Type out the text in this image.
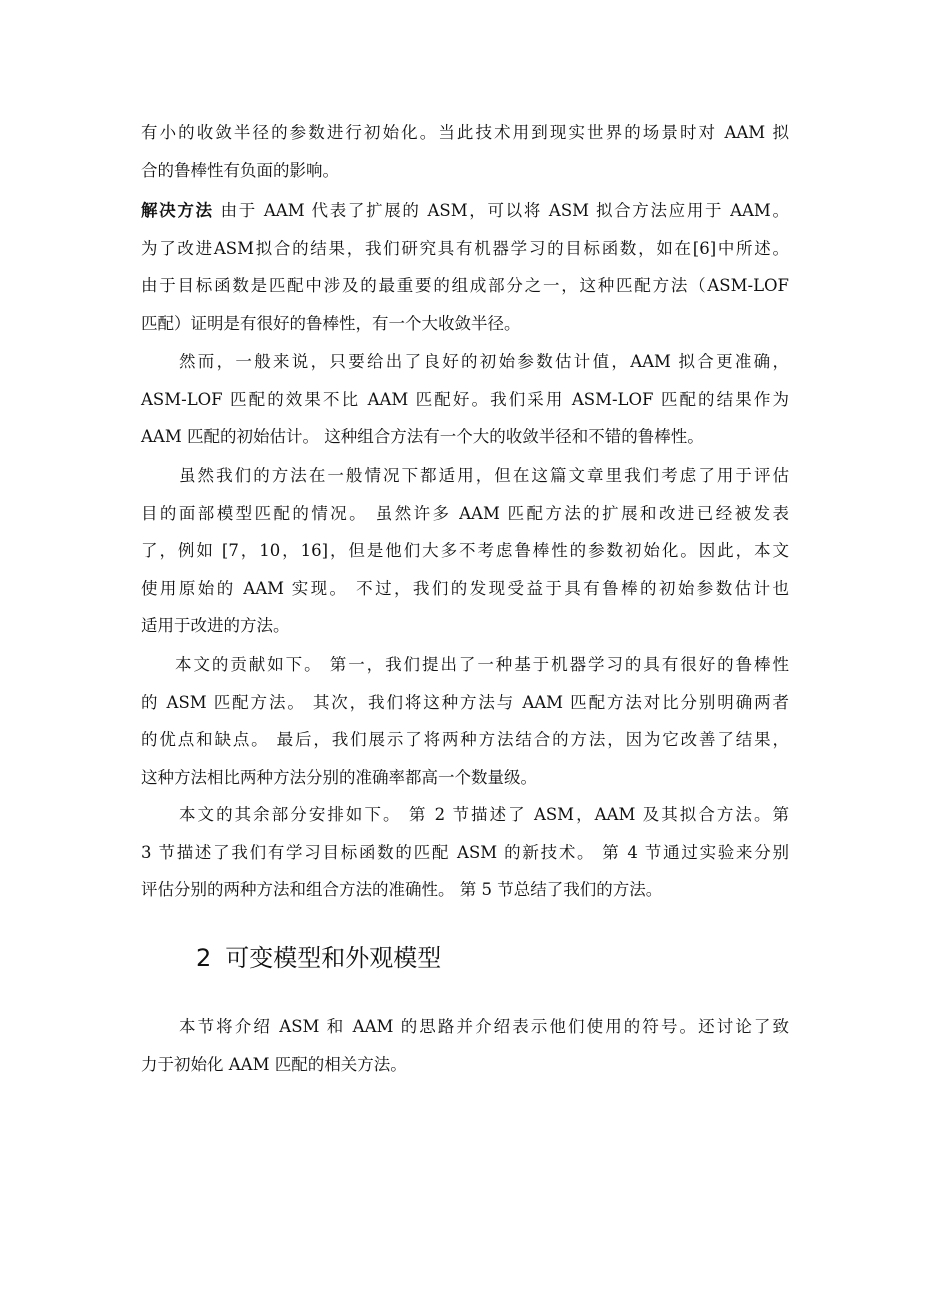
有小的收敛半径的参数进行初始化。当此技术用到现实世界的场景时对 AAM 拟
合的鲁棒性有负面的影响。
解决方法 由于 AAM 代表了扩展的 ASM，可以将 ASM 拟合方法应用于 AAM。
为了改进ASM拟合的结果，我们研究具有机器学习的目标函数，如在[6]中所述。
由于目标函数是匹配中涉及的最重要的组成部分之一，这种匹配方法（ASM-LOF
匹配）证明是有很好的鲁棒性，有一个大收敛半径。
然而，一般来说，只要给出了良好的初始参数估计值，AAM 拟合更准确，
ASM-LOF 匹配的效果不比 AAM 匹配好。我们采用 ASM-LOF 匹配的结果作为
AAM 匹配的初始估计。 这种组合方法有一个大的收敛半径和不错的鲁棒性。
虽然我们的方法在一般情况下都适用，但在这篇文章里我们考虑了用于评估
目的面部模型匹配的情况。 虽然许多 AAM 匹配方法的扩展和改进已经被发表
了，例如 [7，10，16]，但是他们大多不考虑鲁棒性的参数初始化。因此，本文
使用原始的 AAM 实现。 不过，我们的发现受益于具有鲁棒的初始参数估计也
适用于改进的方法。
本文的贡献如下。 第一，我们提出了一种基于机器学习的具有很好的鲁棒性
的 ASM 匹配方法。 其次，我们将这种方法与 AAM 匹配方法对比分别明确两者
的优点和缺点。 最后，我们展示了将两种方法结合的方法，因为它改善了结果，
这种方法相比两种方法分别的准确率都高一个数量级。
本文的其余部分安排如下。 第 2 节描述了 ASM，AAM 及其拟合方法。第
3 节描述了我们有学习目标函数的匹配 ASM 的新技术。 第 4 节通过实验来分别
评估分别的两种方法和组合方法的准确性。 第 5 节总结了我们的方法。
2 可变模型和外观模型
本节将介绍 ASM 和 AAM 的思路并介绍表示他们使用的符号。还讨论了致
力于初始化 AAM 匹配的相关方法。
